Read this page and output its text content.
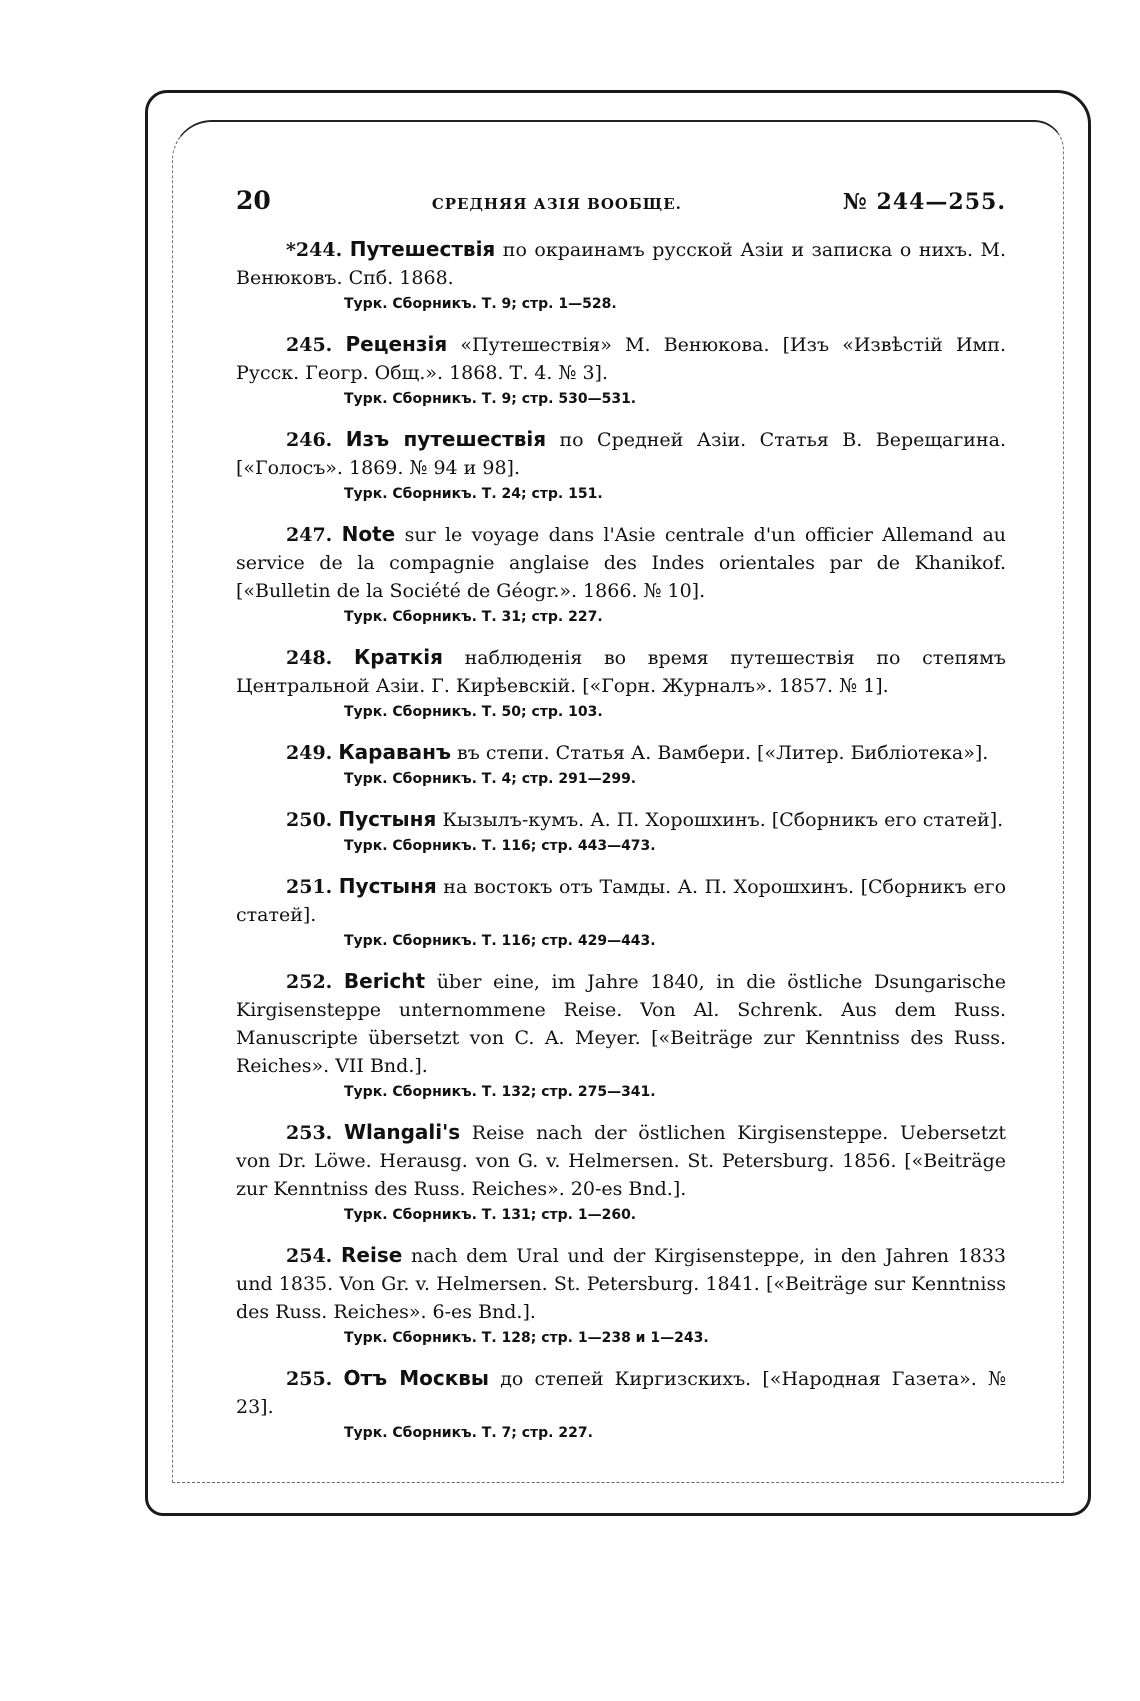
20	СРЕДНЯЯ АЗІЯ ВООБЩЕ.	№ 244—255.
*244. Путешествія по окраинамъ русской Азіи и записка о нихъ. М. Венюковъ. Спб. 1868.
Турк. Сборникъ. Т. 9; стр. 1—528.
245. Рецензія «Путешествія» М. Венюкова. [Изъ «Извѣстій Имп. Русск. Геогр. Общ.». 1868. Т. 4. № 3].
Турк. Сборникъ. Т. 9; стр. 530—531.
246. Изъ путешествія по Средней Азіи. Статья В. Верещагина. [«Голосъ». 1869. № 94 и 98].
Турк. Сборникъ. Т. 24; стр. 151.
247. Note sur le voyage dans l'Asie centrale d'un officier Allemand au service de la compagnie anglaise des Indes orientales par de Khanikof. [«Bulletin de la Société de Géogr.». 1866. № 10].
Турк. Сборникъ. Т. 31; стр. 227.
248. Краткія наблюденія во время путешествія по степямъ Центральной Азіи. Г. Кирѣевскій. [«Горн. Журналъ». 1857. № 1].
Турк. Сборникъ. Т. 50; стр. 103.
249. Караванъ въ степи. Статья А. Вамбери. [«Литер. Библіотека»].
Турк. Сборникъ. Т. 4; стр. 291—299.
250. Пустыня Кызылъ-кумъ. А. П. Хорошхинъ. [Сборникъ его статей].
Турк. Сборникъ. Т. 116; стр. 443—473.
251. Пустыня на востокъ отъ Тамды. А. П. Хорошхинъ. [Сборникъ его статей].
Турк. Сборникъ. Т. 116; стр. 429—443.
252. Bericht über eine, im Jahre 1840, in die östliche Dsungarische Kirgisensteppe unternommene Reise. Von Al. Schrenk. Aus dem Russ. Manuscripte übersetzt von C. A. Meyer. [«Beiträge zur Kenntniss des Russ. Reiches». VII Bnd.].
Турк. Сборникъ. Т. 132; стр. 275—341.
253. Wlangali's Reise nach der östlichen Kirgisensteppe. Uebersetzt von Dr. Löwe. Herausg. von G. v. Helmersen. St. Petersburg. 1856. [«Beiträge zur Kenntniss des Russ. Reiches». 20-es Bnd.].
Турк. Сборникъ. Т. 131; стр. 1—260.
254. Reise nach dem Ural und der Kirgisensteppe, in den Jahren 1833 und 1835. Von Gr. v. Helmersen. St. Petersburg. 1841. [«Beiträge sur Kenntniss des Russ. Reiches». 6-es Bnd.].
Турк. Сборникъ. Т. 128; стр. 1—238 и 1—243.
255. Отъ Москвы до степей Киргизскихъ. [«Народная Газета». № 23].
Турк. Сборникъ. Т. 7; стр. 227.
